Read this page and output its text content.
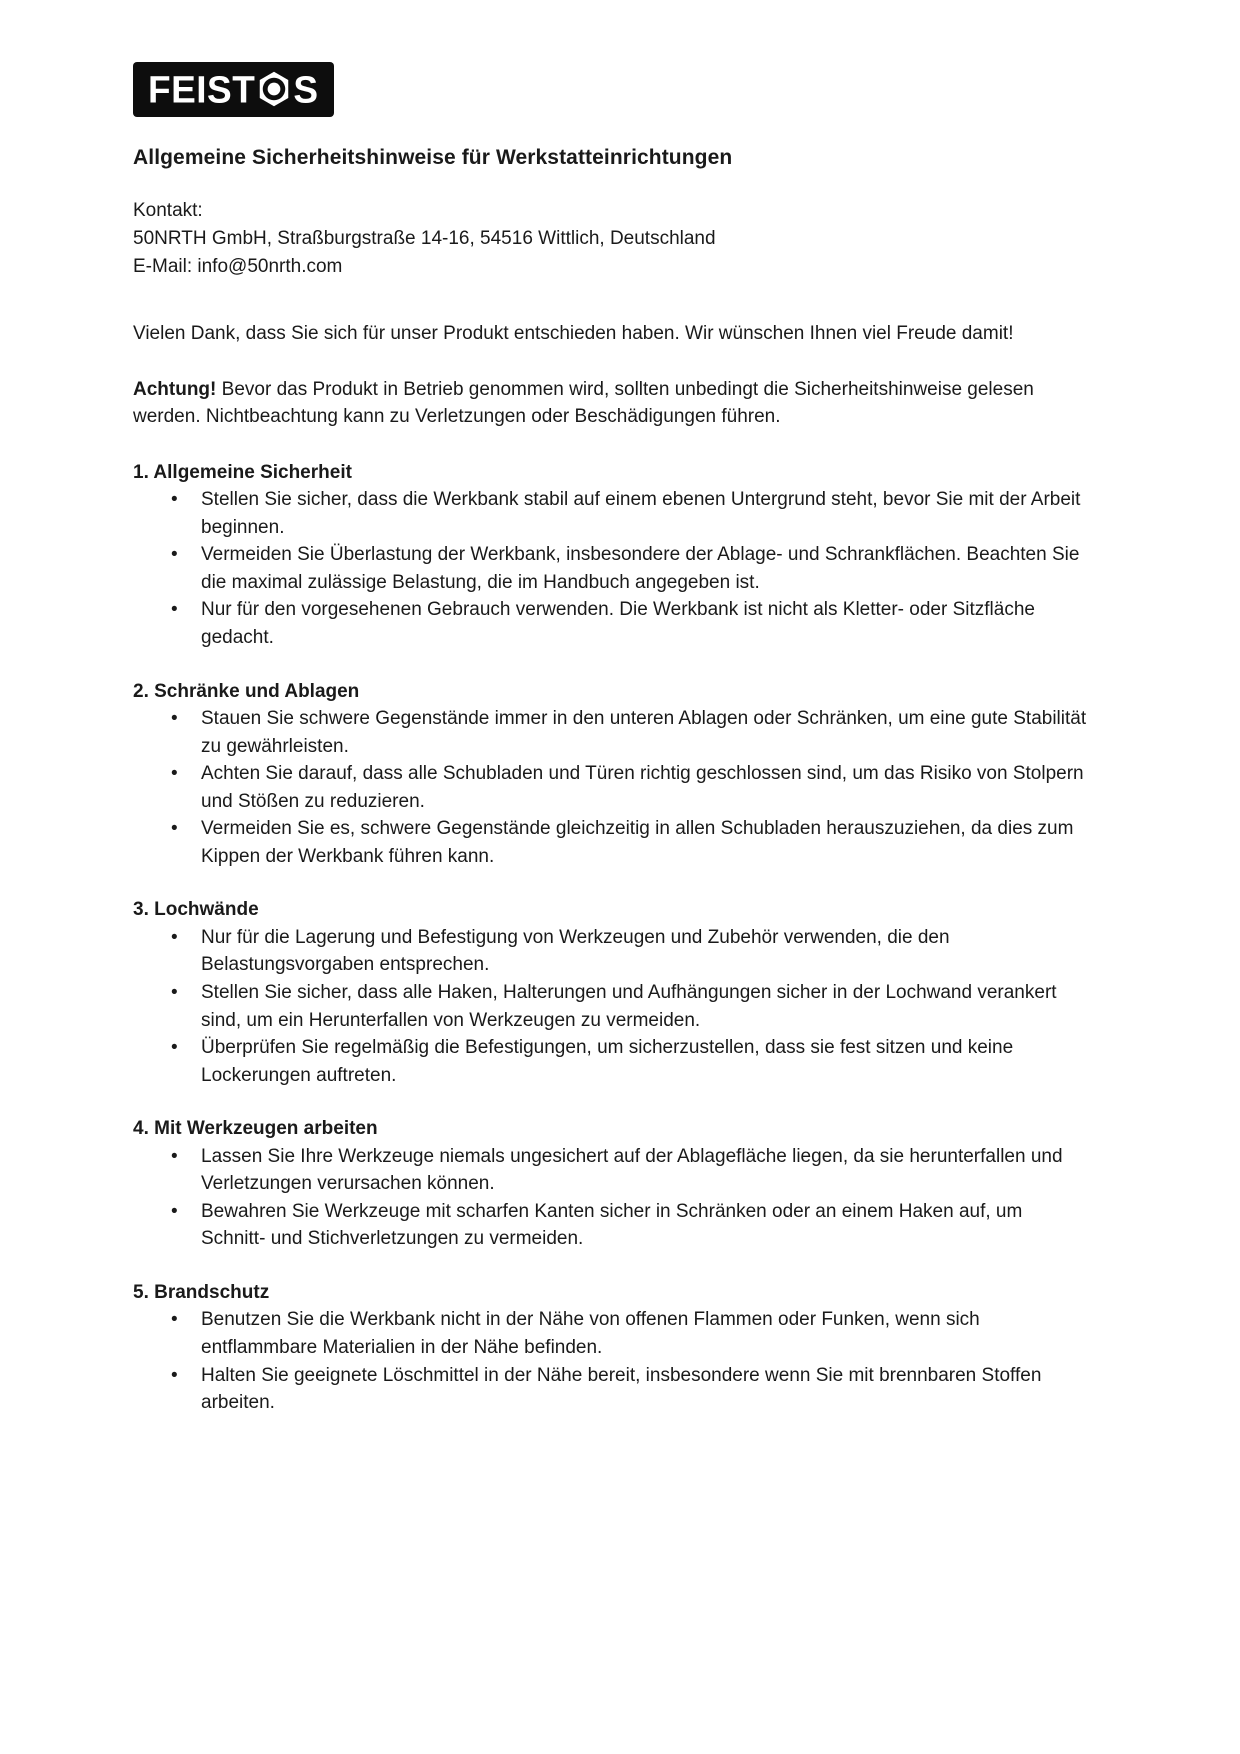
FEIST S
Allgemeine Sicherheitshinweise für Werkstatteinrichtungen
Kontakt:
50NRTH GmbH, Straßburgstraße 14-16, 54516 Wittlich, Deutschland
E-Mail: info@50nrth.com

Vielen Dank, dass Sie sich für unser Produkt entschieden haben. Wir wünschen Ihnen viel Freude damit!

Achtung! Bevor das Produkt in Betrieb genommen wird, sollten unbedingt die Sicherheitshinweise gelesen werden. Nichtbeachtung kann zu Verletzungen oder Beschädigungen führen.

1. Allgemeine Sicherheit
• Stellen Sie sicher, dass die Werkbank stabil auf einem ebenen Untergrund steht, bevor Sie mit der Arbeit beginnen.
• Vermeiden Sie Überlastung der Werkbank, insbesondere der Ablage- und Schrankflächen. Beachten Sie die maximal zulässige Belastung, die im Handbuch angegeben ist.
• Nur für den vorgesehenen Gebrauch verwenden. Die Werkbank ist nicht als Kletter- oder Sitzfläche gedacht.
2. Schränke und Ablagen
• Stauen Sie schwere Gegenstände immer in den unteren Ablagen oder Schränken, um eine gute Stabilität zu gewährleisten.
• Achten Sie darauf, dass alle Schubladen und Türen richtig geschlossen sind, um das Risiko von Stolpern und Stößen zu reduzieren.
• Vermeiden Sie es, schwere Gegenstände gleichzeitig in allen Schubladen herauszuziehen, da dies zum Kippen der Werkbank führen kann.
3. Lochwände
• Nur für die Lagerung und Befestigung von Werkzeugen und Zubehör verwenden, die den Belastungsvorgaben entsprechen.
• Stellen Sie sicher, dass alle Haken, Halterungen und Aufhängungen sicher in der Lochwand verankert sind, um ein Herunterfallen von Werkzeugen zu vermeiden.
• Überprüfen Sie regelmäßig die Befestigungen, um sicherzustellen, dass sie fest sitzen und keine Lockerungen auftreten.
4. Mit Werkzeugen arbeiten
• Lassen Sie Ihre Werkzeuge niemals ungesichert auf der Ablagefläche liegen, da sie herunterfallen und Verletzungen verursachen können.
• Bewahren Sie Werkzeuge mit scharfen Kanten sicher in Schränken oder an einem Haken auf, um Schnitt- und Stichverletzungen zu vermeiden.
5. Brandschutz
• Benutzen Sie die Werkbank nicht in der Nähe von offenen Flammen oder Funken, wenn sich entflammbare Materialien in der Nähe befinden.
• Halten Sie geeignete Löschmittel in der Nähe bereit, insbesondere wenn Sie mit brennbaren Stoffen arbeiten.
